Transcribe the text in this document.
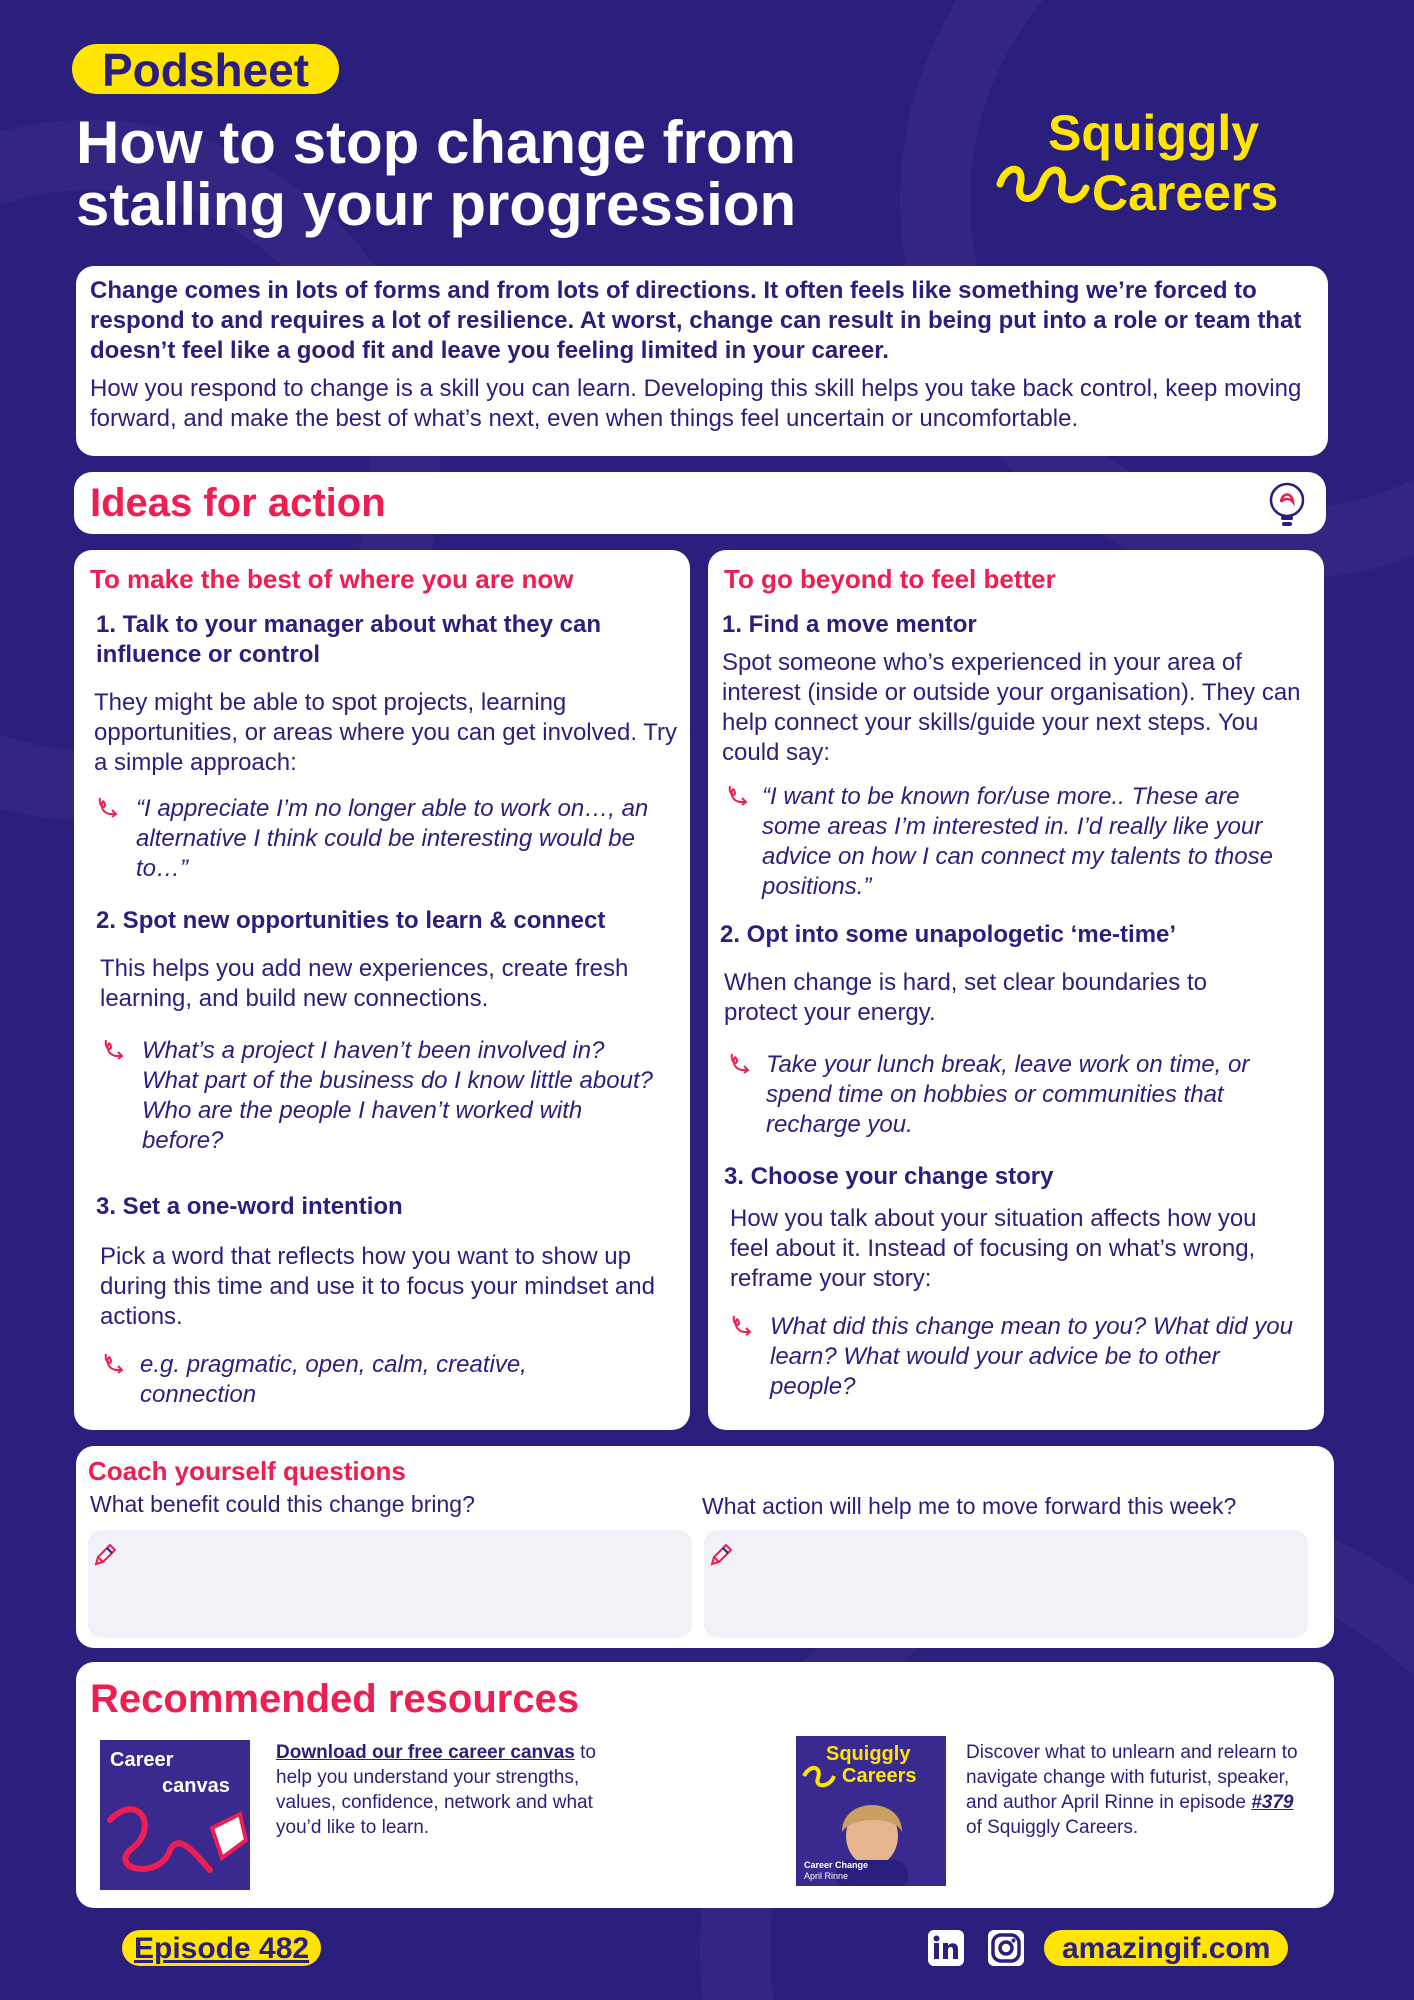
Podsheet
How to stop change from
stalling your progression
Squiggly
Careers

Change comes in lots of forms and from lots of directions. It often feels like something we’re forced to respond to and requires a lot of resilience. At worst, change can result in being put into a role or team that doesn’t feel like a good fit and leave you feeling limited in your career.

How you respond to change is a skill you can learn. Developing this skill helps you take back control, keep moving forward, and make the best of what’s next, even when things feel uncertain or uncomfortable.

Ideas for action
To make the best of where you are now
1. Talk to your manager about what they can influence or control
They might be able to spot projects, learning opportunities, or areas where you can get involved. Try a simple approach:
“I appreciate I’m no longer able to work on…, an alternative I think could be interesting would be to…”
2. Spot new opportunities to learn & connect
This helps you add new experiences, create fresh learning, and build new connections.
What’s a project I haven’t been involved in? What part of the business do I know little about? Who are the people I haven’t worked with before?
3. Set a one-word intention
Pick a word that reflects how you want to show up during this time and use it to focus your mindset and actions.
e.g. pragmatic, open, calm, creative, connection
To go beyond to feel better
1. Find a move mentor
Spot someone who’s experienced in your area of interest (inside or outside your organisation). They can help connect your skills/guide your next steps. You could say:
“I want to be known for/use more.. These are some areas I’m interested in. I’d really like your advice on how I can connect my talents to those positions.”
2. Opt into some unapologetic ‘me-time’
When change is hard, set clear boundaries to protect your energy.
Take your lunch break, leave work on time, or spend time on hobbies or communities that recharge you.
3. Choose your change story
How you talk about your situation affects how you feel about it. Instead of focusing on what’s wrong, reframe your story:
What did this change mean to you? What did you learn? What would your advice be to other people?
Coach yourself questions
What benefit could this change bring?	What action will help me to move forward this week?
Recommended resources
Career
canvas
Download our free career canvas to help you understand your strengths, values, confidence, network and what you’d like to learn.
Squiggly
Careers
Career Change
April Rinne
Discover what to unlearn and relearn to navigate change with futurist, speaker, and author April Rinne in episode #379 of Squiggly Careers.
Episode 482	amazingif.com
